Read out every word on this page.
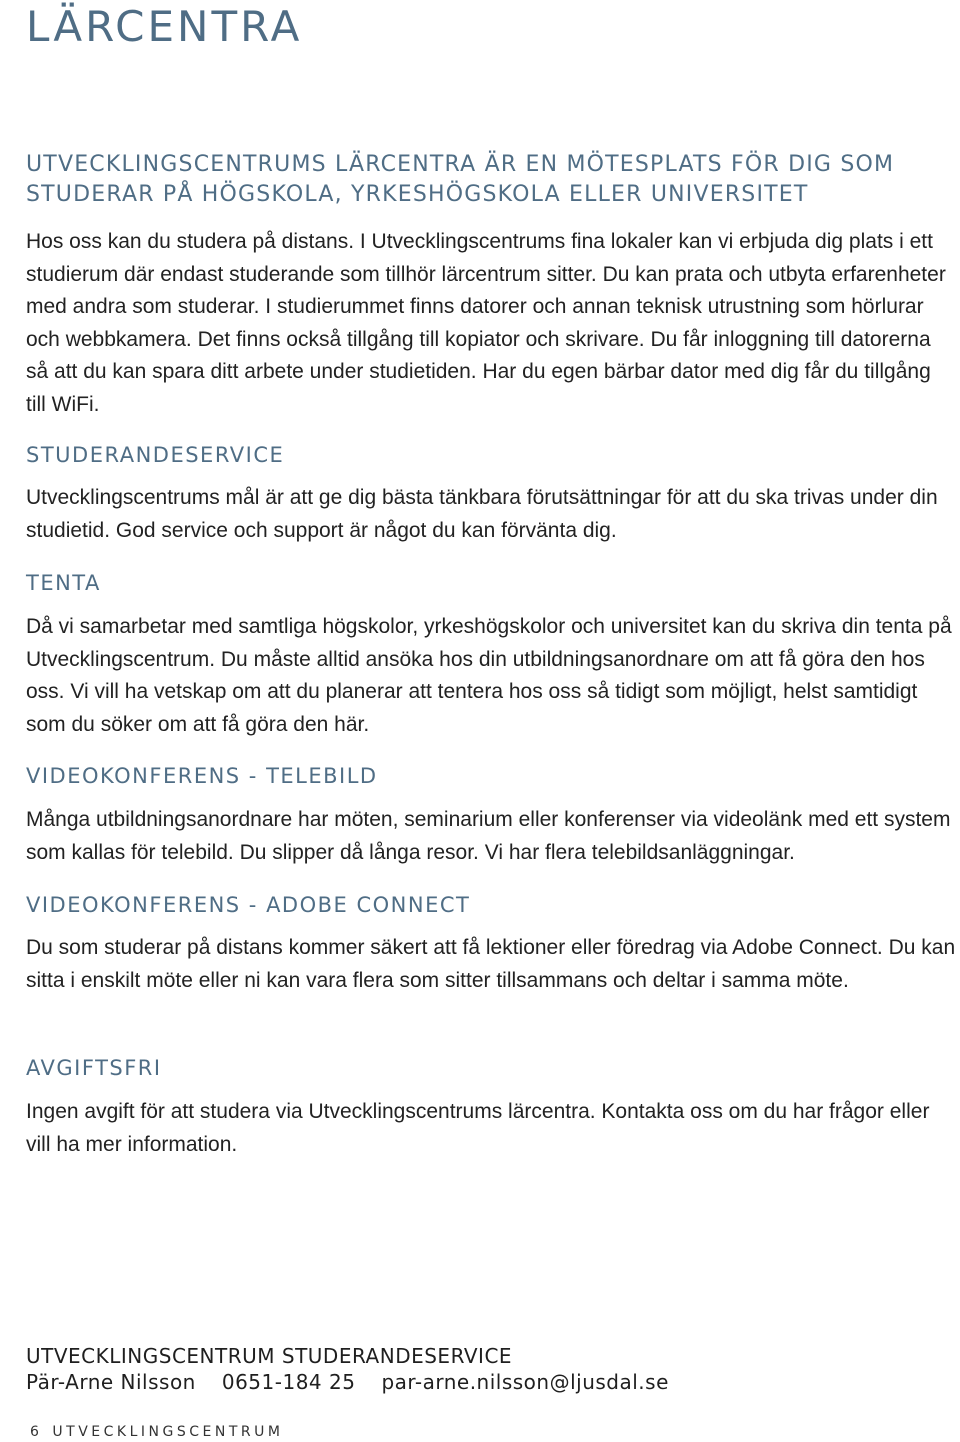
LÄRCENTRA
UTVECKLINGSCENTRUMS LÄRCENTRA ÄR EN MÖTESPLATS FÖR DIG SOM
STUDERAR PÅ HÖGSKOLA, YRKESHÖGSKOLA ELLER UNIVERSITET

Hos oss kan du studera på distans. I Utvecklingscentrums fina lokaler kan vi erbjuda dig plats i ett studierum där endast studerande som tillhör lärcentrum sitter. Du kan prata och utbyta erfarenheter med andra som studerar. I studierummet finns datorer och annan teknisk utrustning som hörlurar och webbkamera. Det finns också tillgång till kopiator och skrivare. Du får inloggning till datorerna så att du kan spara ditt arbete under studietiden. Har du egen bärbar dator med dig får du tillgång till WiFi.

STUDERANDESERVICE

Utvecklingscentrums mål är att ge dig bästa tänkbara förutsättningar för att du ska trivas under din studietid. God service och support är något du kan förvänta dig.

TENTA

Då vi samarbetar med samtliga högskolor, yrkeshögskolor och universitet kan du skriva din tenta på Utvecklingscentrum. Du måste alltid ansöka hos din utbildningsanordnare om att få göra den hos oss. Vi vill ha vetskap om att du planerar att tentera hos oss så tidigt som möjligt, helst samtidigt som du söker om att få göra den här.

VIDEOKONFERENS - TELEBILD

Många utbildningsanordnare har möten, seminarium eller konferenser via videolänk med ett system som kallas för telebild. Du slipper då långa resor. Vi har flera telebildsanläggningar.

VIDEOKONFERENS - ADOBE CONNECT

Du som studerar på distans kommer säkert att få lektioner eller föredrag via Adobe Connect. Du kan sitta i enskilt möte eller ni kan vara flera som sitter tillsammans och deltar i samma möte.

AVGIFTSFRI

Ingen avgift för att studera via Utvecklingscentrums lärcentra. Kontakta oss om du har frågor eller vill ha mer information.

UTVECKLINGSCENTRUM STUDERANDESERVICE

Pär-Arne Nilsson 0651-184 25 par-arne.nilsson@ljusdal.se

6 UTVECKLINGSCENTRUM
